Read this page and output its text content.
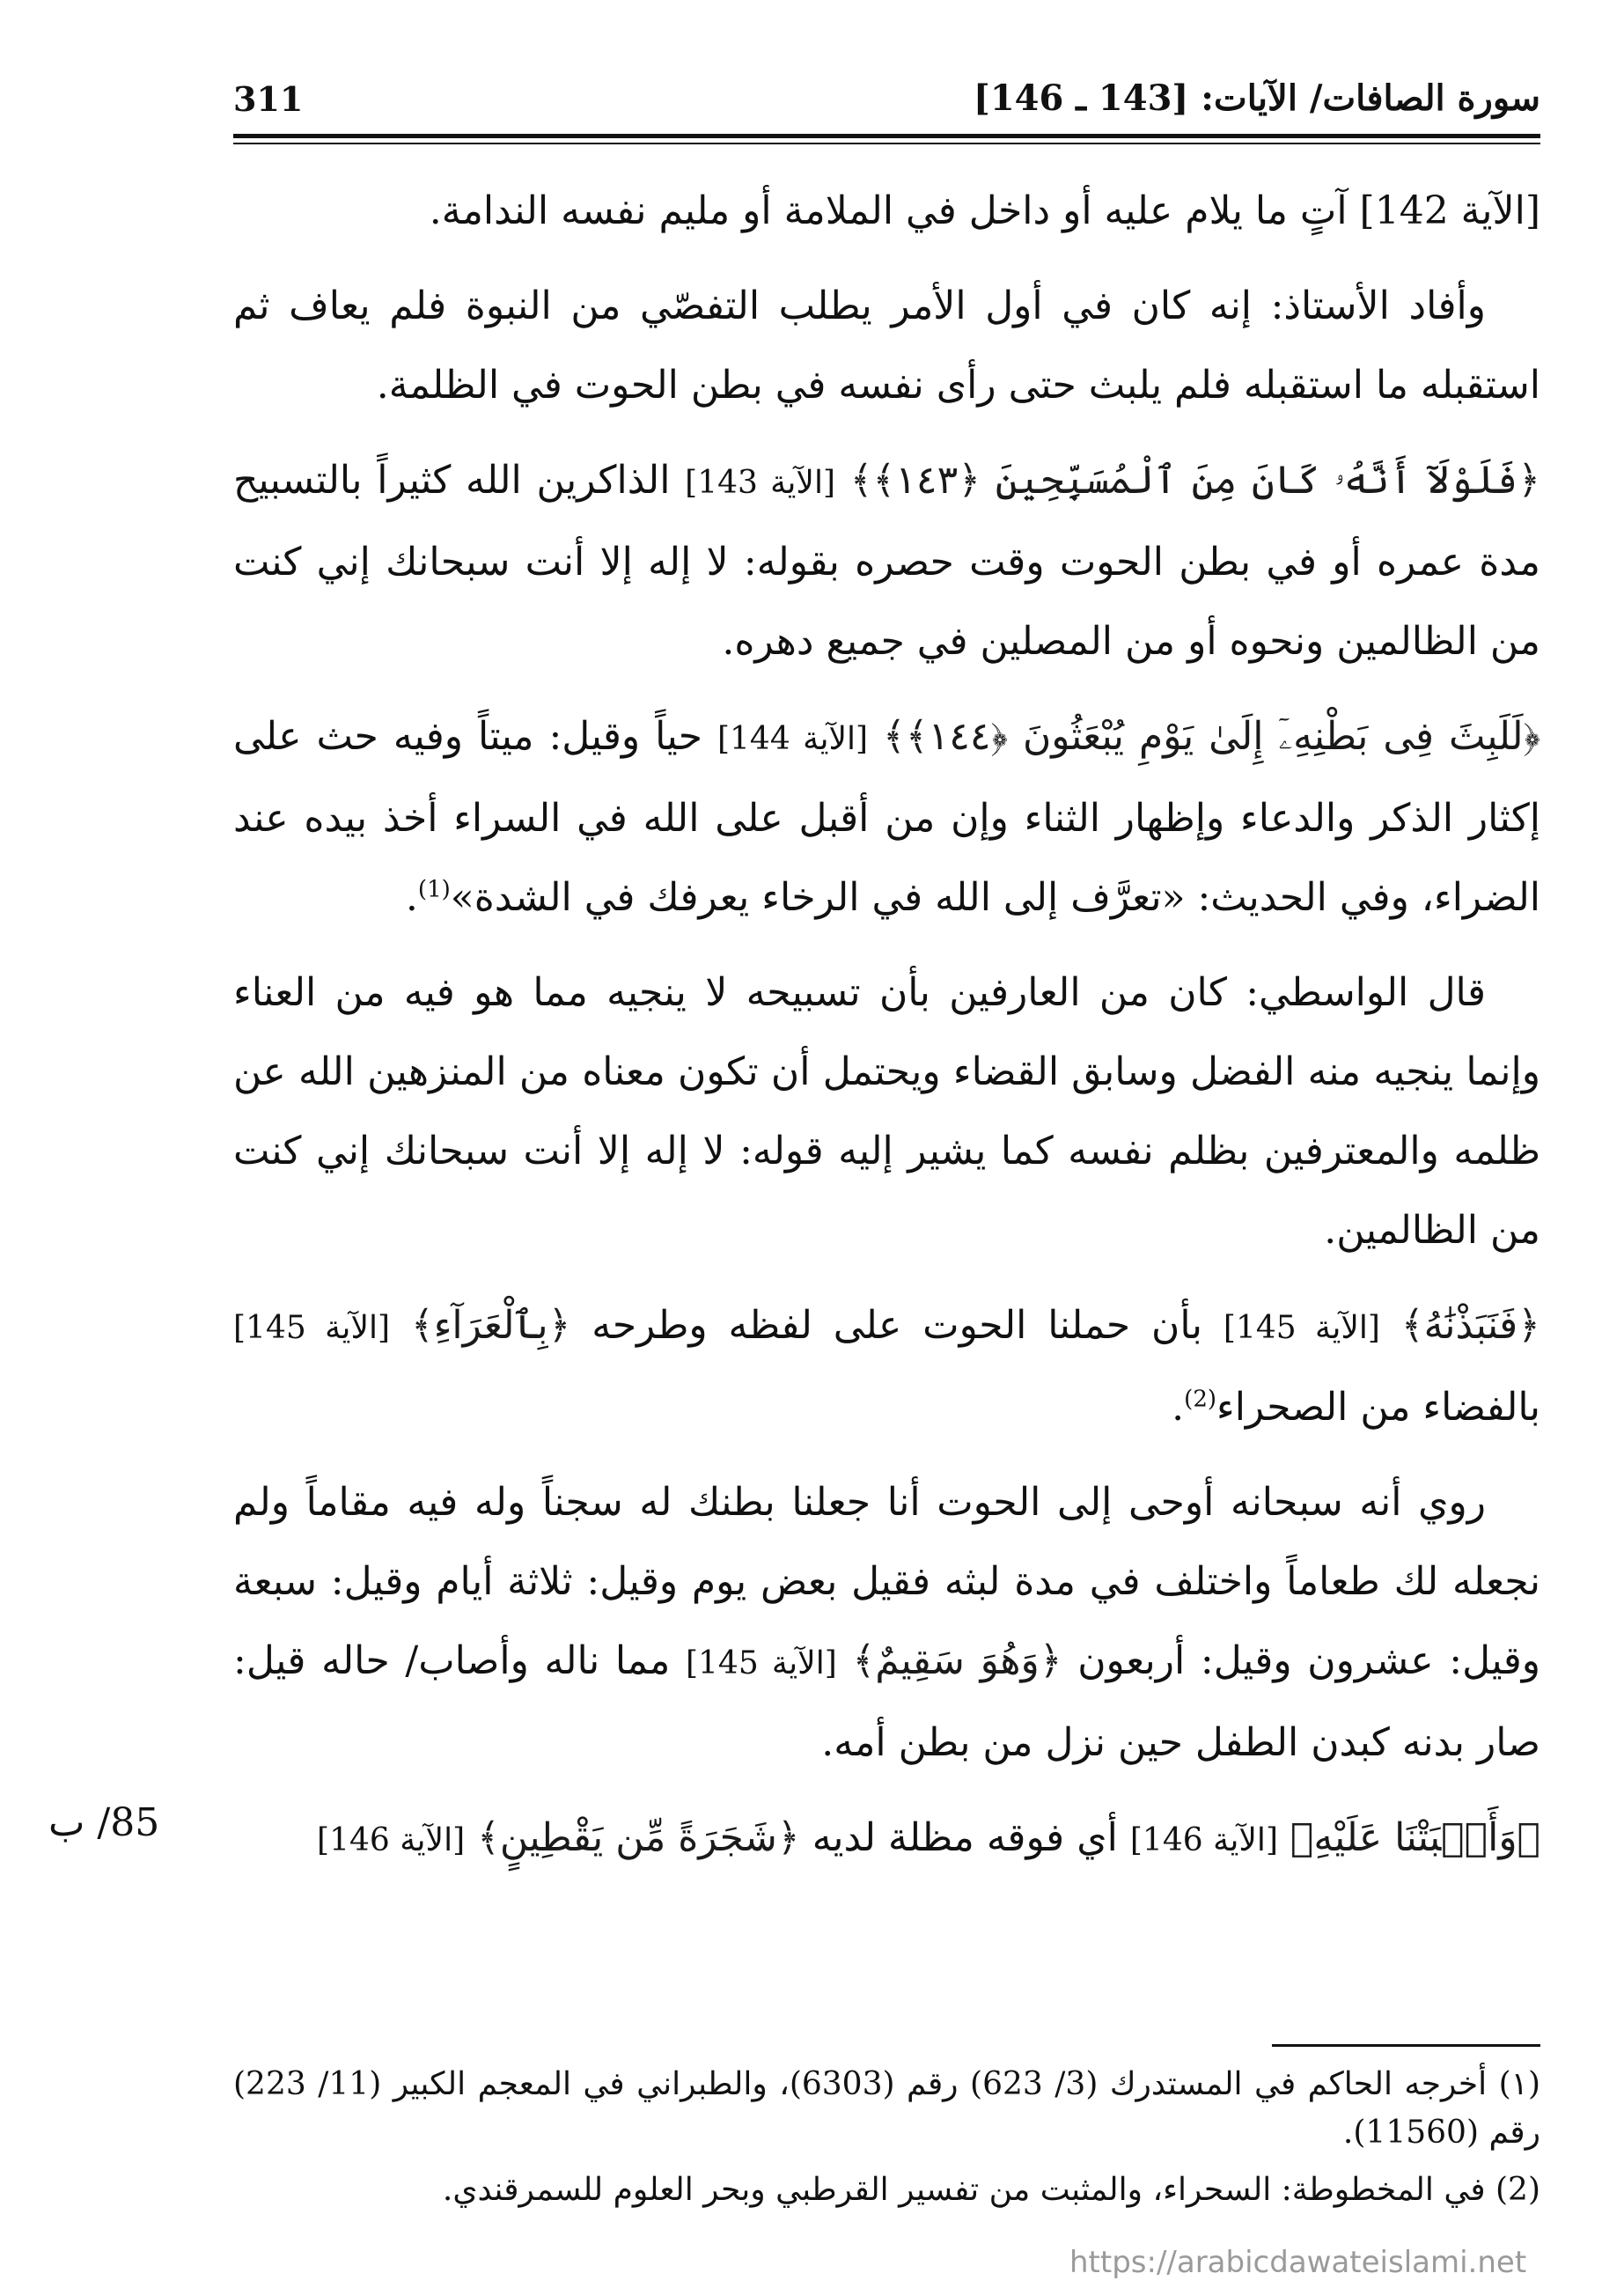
311	سورة الصافات/ الآيات: [143 ـ 146]

[الآية 142] آتٍ ما يلام عليه أو داخل في الملامة أو مليم نفسه الندامة.

وأفاد الأستاذ: إنه كان في أول الأمر يطلب التفصّي من النبوة فلم يعاف ثم استقبله ما استقبله فلم يلبث حتى رأى نفسه في بطن الحوت في الظلمة.

﴿فَلَوْلَآ أَنَّهُۥ كَانَ مِنَ ٱلْمُسَبِّحِينَ ﴿١٤٣﴾﴾ [الآية 143] الذاكرين الله كثيراً بالتسبيح مدة عمره أو في بطن الحوت وقت حصره بقوله: لا إله إلا أنت سبحانك إني كنت من الظالمين ونحوه أو من المصلين في جميع دهره.

﴿لَلَبِثَ فِى بَطْنِهِۦٓ إِلَىٰ يَوْمِ يُبْعَثُونَ ﴿١٤٤﴾﴾ [الآية 144] حياً وقيل: ميتاً وفيه حث على إكثار الذكر والدعاء وإظهار الثناء وإن من أقبل على الله في السراء أخذ بيده عند الضراء، وفي الحديث: «تعرَّف إلى الله في الرخاء يعرفك في الشدة»$^{(1)}$.

قال الواسطي: كان من العارفين بأن تسبيحه لا ينجيه مما هو فيه من العناء وإنما ينجيه منه الفضل وسابق القضاء ويحتمل أن تكون معناه من المنزهين الله عن ظلمه والمعترفين بظلم نفسه كما يشير إليه قوله: لا إله إلا أنت سبحانك إني كنت من الظالمين.

﴿فَنَبَذْنَٰهُ﴾ [الآية 145] بأن حملنا الحوت على لفظه وطرحه ﴿بِٱلْعَرَآءِ﴾ [الآية 145] بالفضاء من الصحراء$^{(2)}$.

روي أنه سبحانه أوحى إلى الحوت أنا جعلنا بطنك له سجناً وله فيه مقاماً ولم نجعله لك طعاماً واختلف في مدة لبثه فقيل بعض يوم وقيل: ثلاثة أيام وقيل: سبعة وقيل: عشرون وقيل: أربعون ﴿وَهُوَ سَقِيمٌ﴾ [الآية 145] مما ناله وأصاب/ حاله قيل: صار بدنه كبدن الطفل حين نزل من بطن أمه.

﴿وَأَنۢبَتْنَا عَلَيْهِ﴾ [الآية 146] أي فوقه مظلة لديه ﴿شَجَرَةً مِّن يَقْطِينٍ﴾ [الآية 146]

85/ ب

(١) أخرجه الحاكم في المستدرك (3/ 623) رقم (6303)، والطبراني في المعجم الكبير (11/ 223) رقم (11560).

(2) في المخطوطة: السحراء، والمثبت من تفسير القرطبي وبحر العلوم للسمرقندي.

https://arabicdawateislami.net
